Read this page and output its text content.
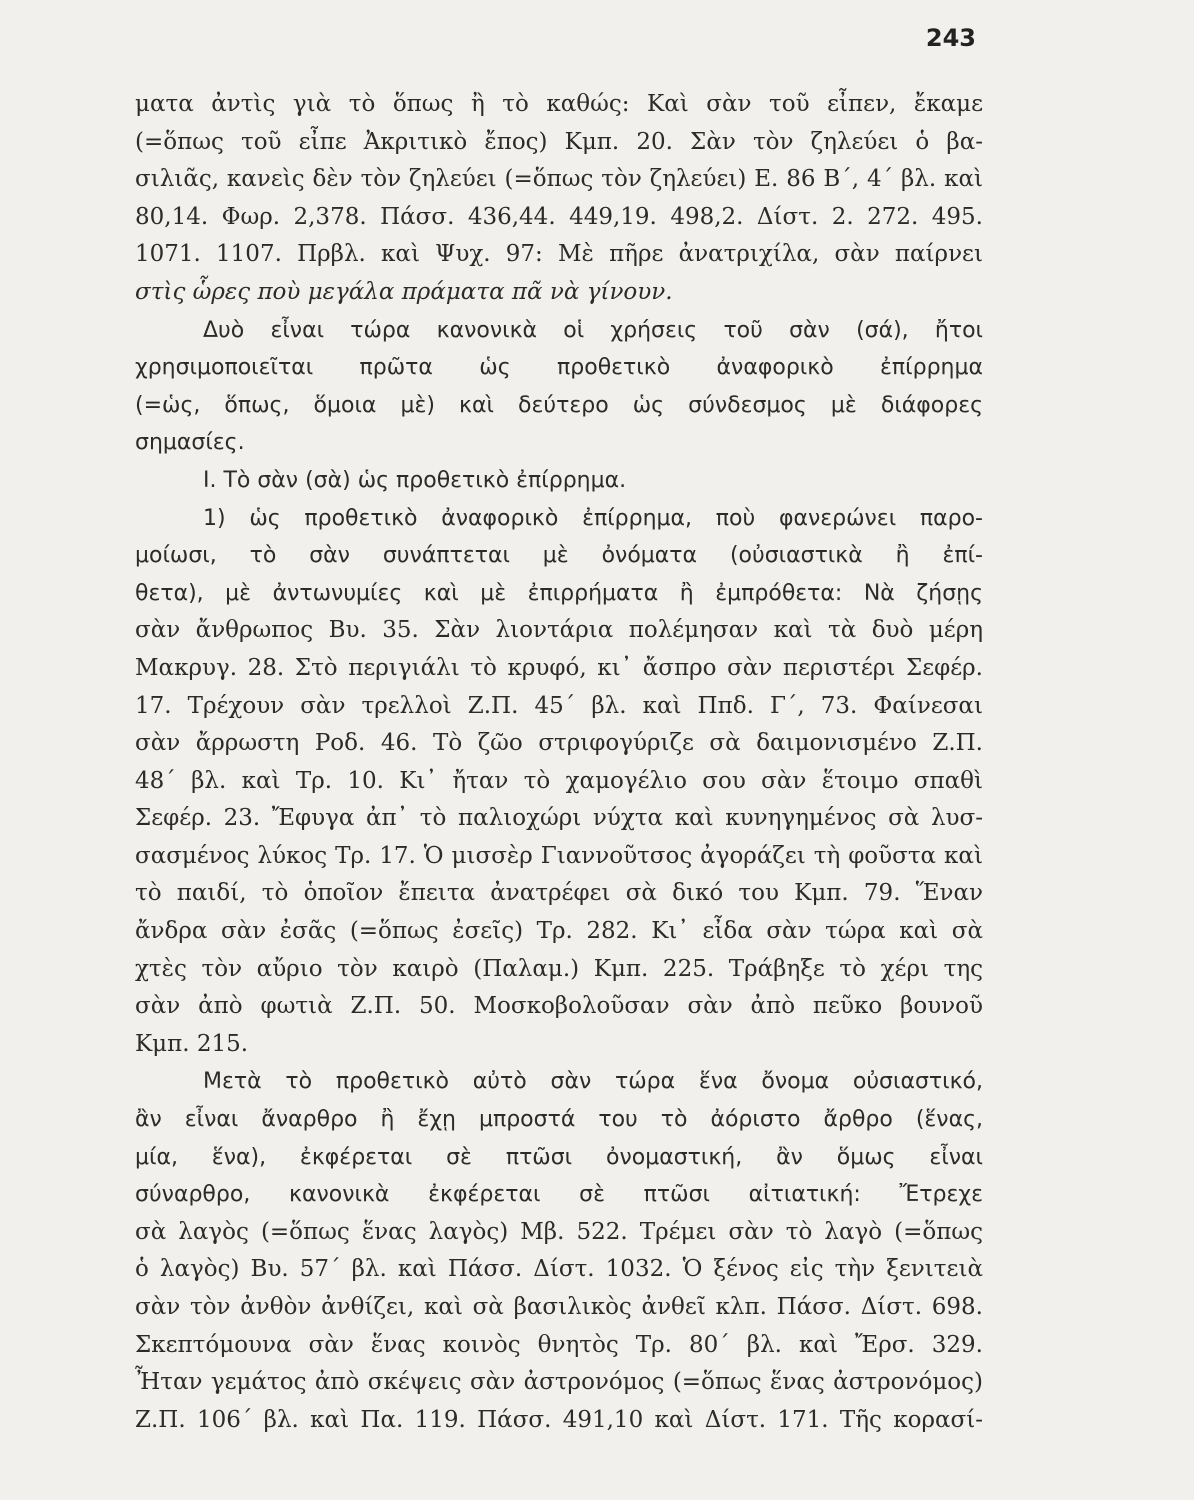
243
ματα ἀντὶς γιὰ τὸ ὅπως ἢ τὸ καθώς: Καὶ σὰν τοῦ εἶπεν, ἔκαμε
(=ὅπως τοῦ εἶπε Ἀκριτικὸ ἔπος) Κμπ. 20. Σὰν τὸν ζηλεύει ὁ βα-
σιλιᾶς, κανεὶς δὲν τὸν ζηλεύει (=ὅπως τὸν ζηλεύει) Ε. 86 Β΄, 4΄ βλ. καὶ
80,14. Φωρ. 2,378. Πάσσ. 436,44. 449,19. 498,2. Δίστ. 2. 272. 495.
1071. 1107. Πρβλ. καὶ Ψυχ. 97: Μὲ πῆρε ἀνατριχίλα, σὰν παίρνει
στὶς ὧρες ποὺ μεγάλα πράματα πᾶ νὰ γίνουν.
Δυὸ εἶναι τώρα κανονικὰ οἱ χρήσεις τοῦ σὰν (σά), ἤτοι
χρησιμοποιεῖται πρῶτα ὡς προθετικὸ ἀναφορικὸ ἐπίρρημα
(=ὡς, ὅπως, ὅμοια μὲ) καὶ δεύτερο ὡς σύνδεσμος μὲ διάφορες
σημασίες.
Ι. Τὸ σὰν (σὰ) ὡς προθετικὸ ἐπίρρημα.
1) ὡς προθετικὸ ἀναφορικὸ ἐπίρρημα, ποὺ φανερώνει παρο-
μοίωσι, τὸ σὰν συνάπτεται μὲ ὀνόματα (οὐσιαστικὰ ἢ ἐπί-
θετα), μὲ ἀντωνυμίες καὶ μὲ ἐπιρρήματα ἢ ἐμπρόθετα: Νὰ ζήσῃς
σὰν ἄνθρωπος Βυ. 35. Σὰν λιοντάρια πολέμησαν καὶ τὰ δυὸ μέρη
Μακρυγ. 28. Στὸ περιγιάλι τὸ κρυφό, κι᾽ ἄσπρο σὰν περιστέρι Σεφέρ.
17. Τρέχουν σὰν τρελλοὶ Ζ.Π. 45΄ βλ. καὶ Ππδ. Γ΄, 73. Φαίνεσαι
σὰν ἄρρωστη Ροδ. 46. Τὸ ζῶο στριφογύριζε σὰ δαιμονισμένο Ζ.Π.
48΄ βλ. καὶ Τρ. 10. Κι᾽ ἤταν τὸ χαμογέλιο σου σὰν ἕτοιμο σπαθὶ
Σεφέρ. 23. Ἔφυγα ἀπ᾽ τὸ παλιοχώρι νύχτα καὶ κυνηγημένος σὰ λυσ-
σασμένος λύκος Τρ. 17. Ὁ μισσὲρ Γιαννοῦτσος ἀγοράζει τὴ φοῦστα καὶ
τὸ παιδί, τὸ ὁποῖον ἔπειτα ἀνατρέφει σὰ δικό του Κμπ. 79. Ἕναν
ἄνδρα σὰν ἐσᾶς (=ὅπως ἐσεῖς) Τρ. 282. Κι᾽ εἶδα σὰν τώρα καὶ σὰ
χτὲς τὸν αὔριο τὸν καιρὸ (Παλαμ.) Κμπ. 225. Τράβηξε τὸ χέρι της
σὰν ἀπὸ φωτιὰ Ζ.Π. 50. Μοσκοβολοῦσαν σὰν ἀπὸ πεῦκο βουνοῦ
Κμπ. 215.
Μετὰ τὸ προθετικὸ αὐτὸ σὰν τώρα ἕνα ὄνομα οὐσιαστικό,
ἂν εἶναι ἄναρθρο ἢ ἔχῃ μπροστά του τὸ ἀόριστο ἄρθρο (ἕνας,
μία, ἕνα), ἐκφέρεται σὲ πτῶσι ὀνομαστική, ἂν ὅμως εἶναι
σύναρθρο, κανονικὰ ἐκφέρεται σὲ πτῶσι αἰτιατική: Ἔτρεχε
σὰ λαγὸς (=ὅπως ἕνας λαγὸς) Μβ. 522. Τρέμει σὰν τὸ λαγὸ (=ὅπως
ὁ λαγὸς) Βυ. 57΄ βλ. καὶ Πάσσ. Δίστ. 1032. Ὁ ξένος εἰς τὴν ξενιτειὰ
σὰν τὸν ἀνθὸν ἀνθίζει, καὶ σὰ βασιλικὸς ἀνθεῖ κλπ. Πάσσ. Δίστ. 698.
Σκεπτόμουνα σὰν ἕνας κοινὸς θνητὸς Τρ. 80΄ βλ. καὶ Ἔρσ. 329.
Ἦταν γεμάτος ἀπὸ σκέψεις σὰν ἀστρονόμος (=ὅπως ἕνας ἀστρονόμος)
Ζ.Π. 106΄ βλ. καὶ Πα. 119. Πάσσ. 491,10 καὶ Δίστ. 171. Τῆς κορασί-
